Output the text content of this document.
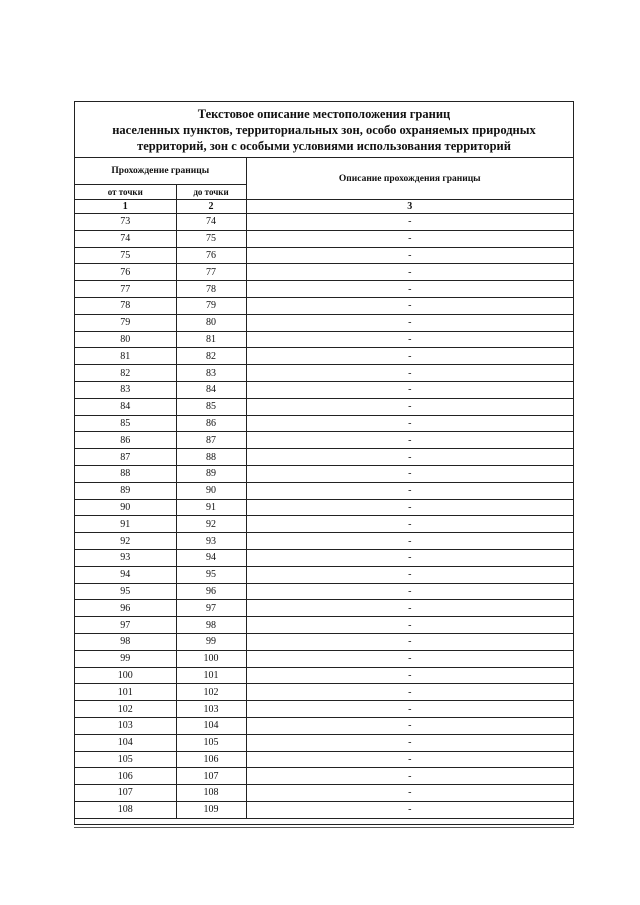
Текстовое описание местоположения границ
населенных пунктов, территориальных зон, особо охраняемых природных
территорий, зон с особыми условиями использования территорий
Прохождение границы		Описание прохождения границы
от точки	до точки	
1	2	3
73	74	-
74	75	-
75	76	-
76	77	-
77	78	-
78	79	-
79	80	-
80	81	-
81	82	-
82	83	-
83	84	-
84	85	-
85	86	-
86	87	-
87	88	-
88	89	-
89	90	-
90	91	-
91	92	-
92	93	-
93	94	-
94	95	-
95	96	-
96	97	-
97	98	-
98	99	-
99	100	-
100	101	-
101	102	-
102	103	-
103	104	-
104	105	-
105	106	-
106	107	-
107	108	-
108	109	-
